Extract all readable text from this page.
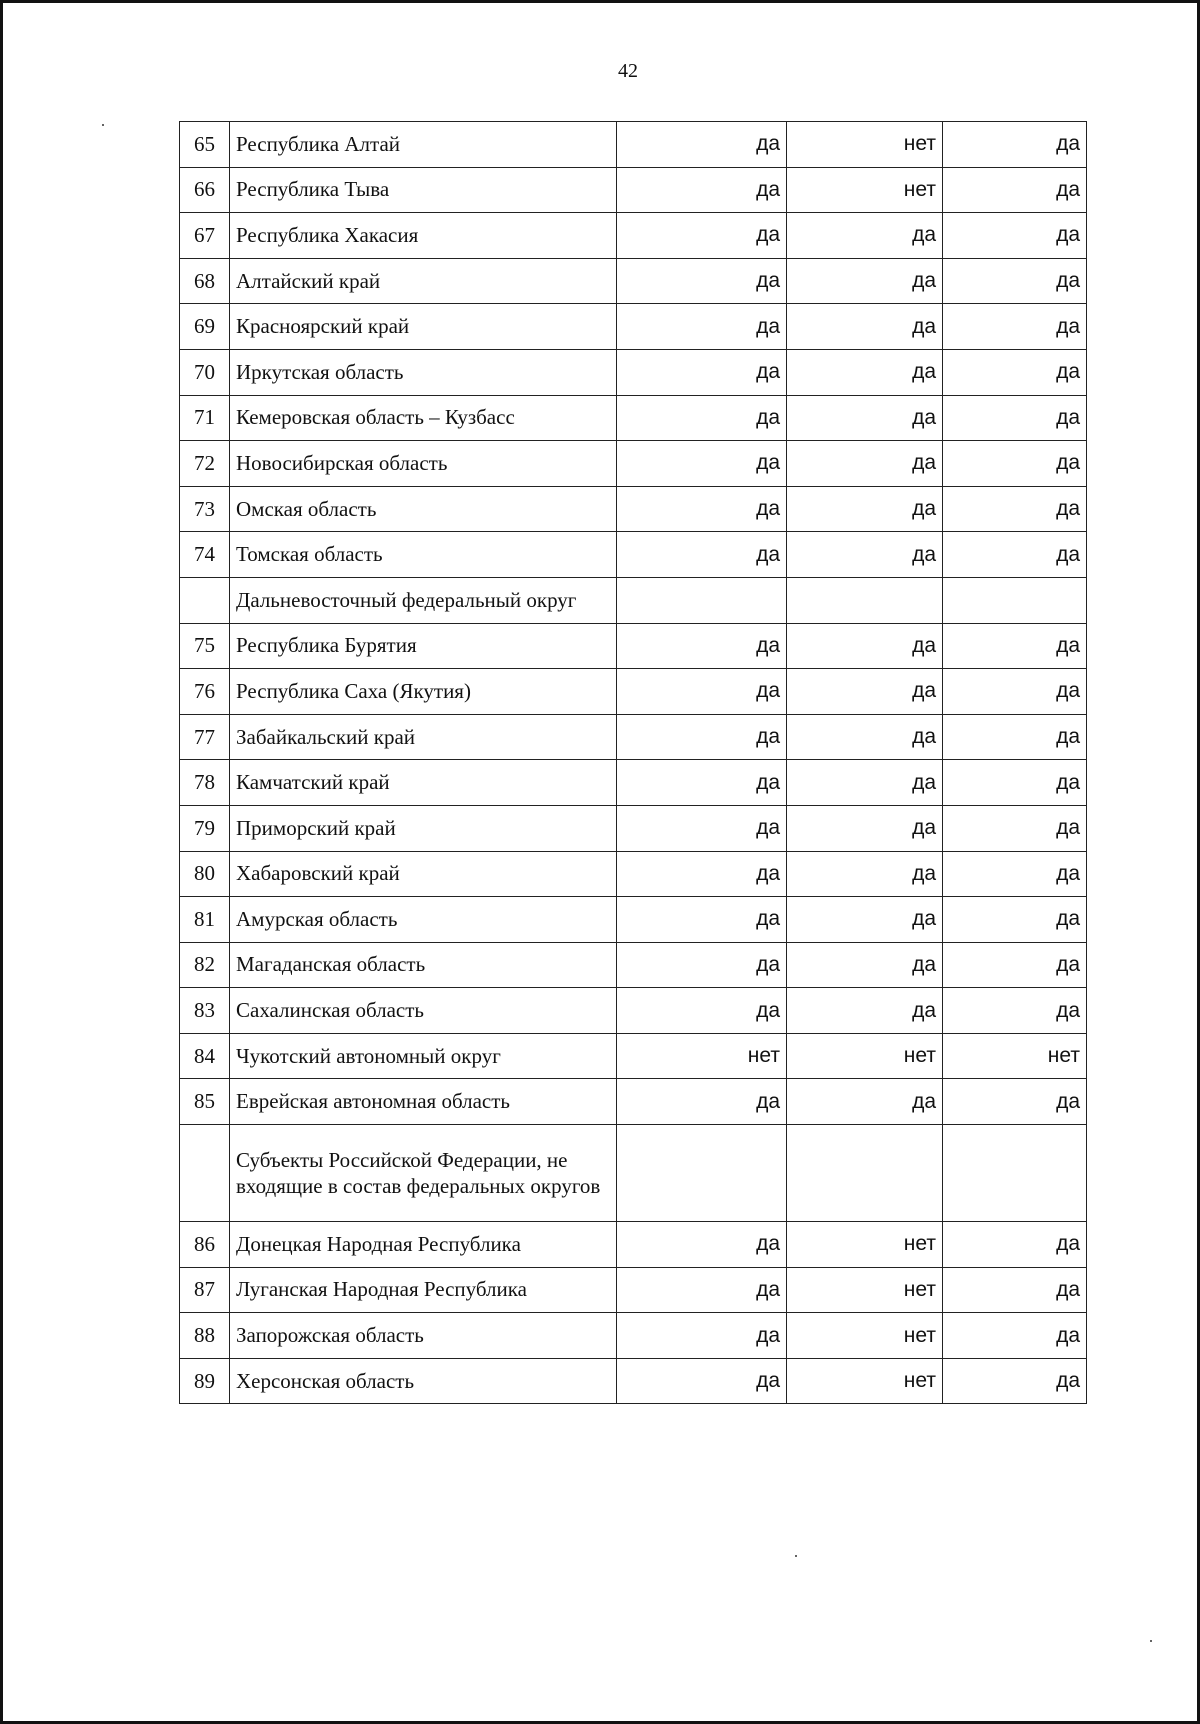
42
65	Республика Алтай	да	нет	да
66	Республика Тыва	да	нет	да
67	Республика Хакасия	да	да	да
68	Алтайский край	да	да	да
69	Красноярский край	да	да	да
70	Иркутская область	да	да	да
71	Кемеровская область – Кузбасс	да	да	да
72	Новосибирская область	да	да	да
73	Омская область	да	да	да
74	Томская область	да	да	да
	Дальневосточный федеральный округ			
75	Республика Бурятия	да	да	да
76	Республика Саха (Якутия)	да	да	да
77	Забайкальский край	да	да	да
78	Камчатский край	да	да	да
79	Приморский край	да	да	да
80	Хабаровский край	да	да	да
81	Амурская область	да	да	да
82	Магаданская область	да	да	да
83	Сахалинская область	да	да	да
84	Чукотский автономный округ	нет	нет	нет
85	Еврейская автономная область	да	да	да
	Субъекты Российской Федерации, не входящие в состав федеральных округов			
86	Донецкая Народная Республика	да	нет	да
87	Луганская Народная Республика	да	нет	да
88	Запорожская область	да	нет	да
89	Херсонская область	да	нет	да
